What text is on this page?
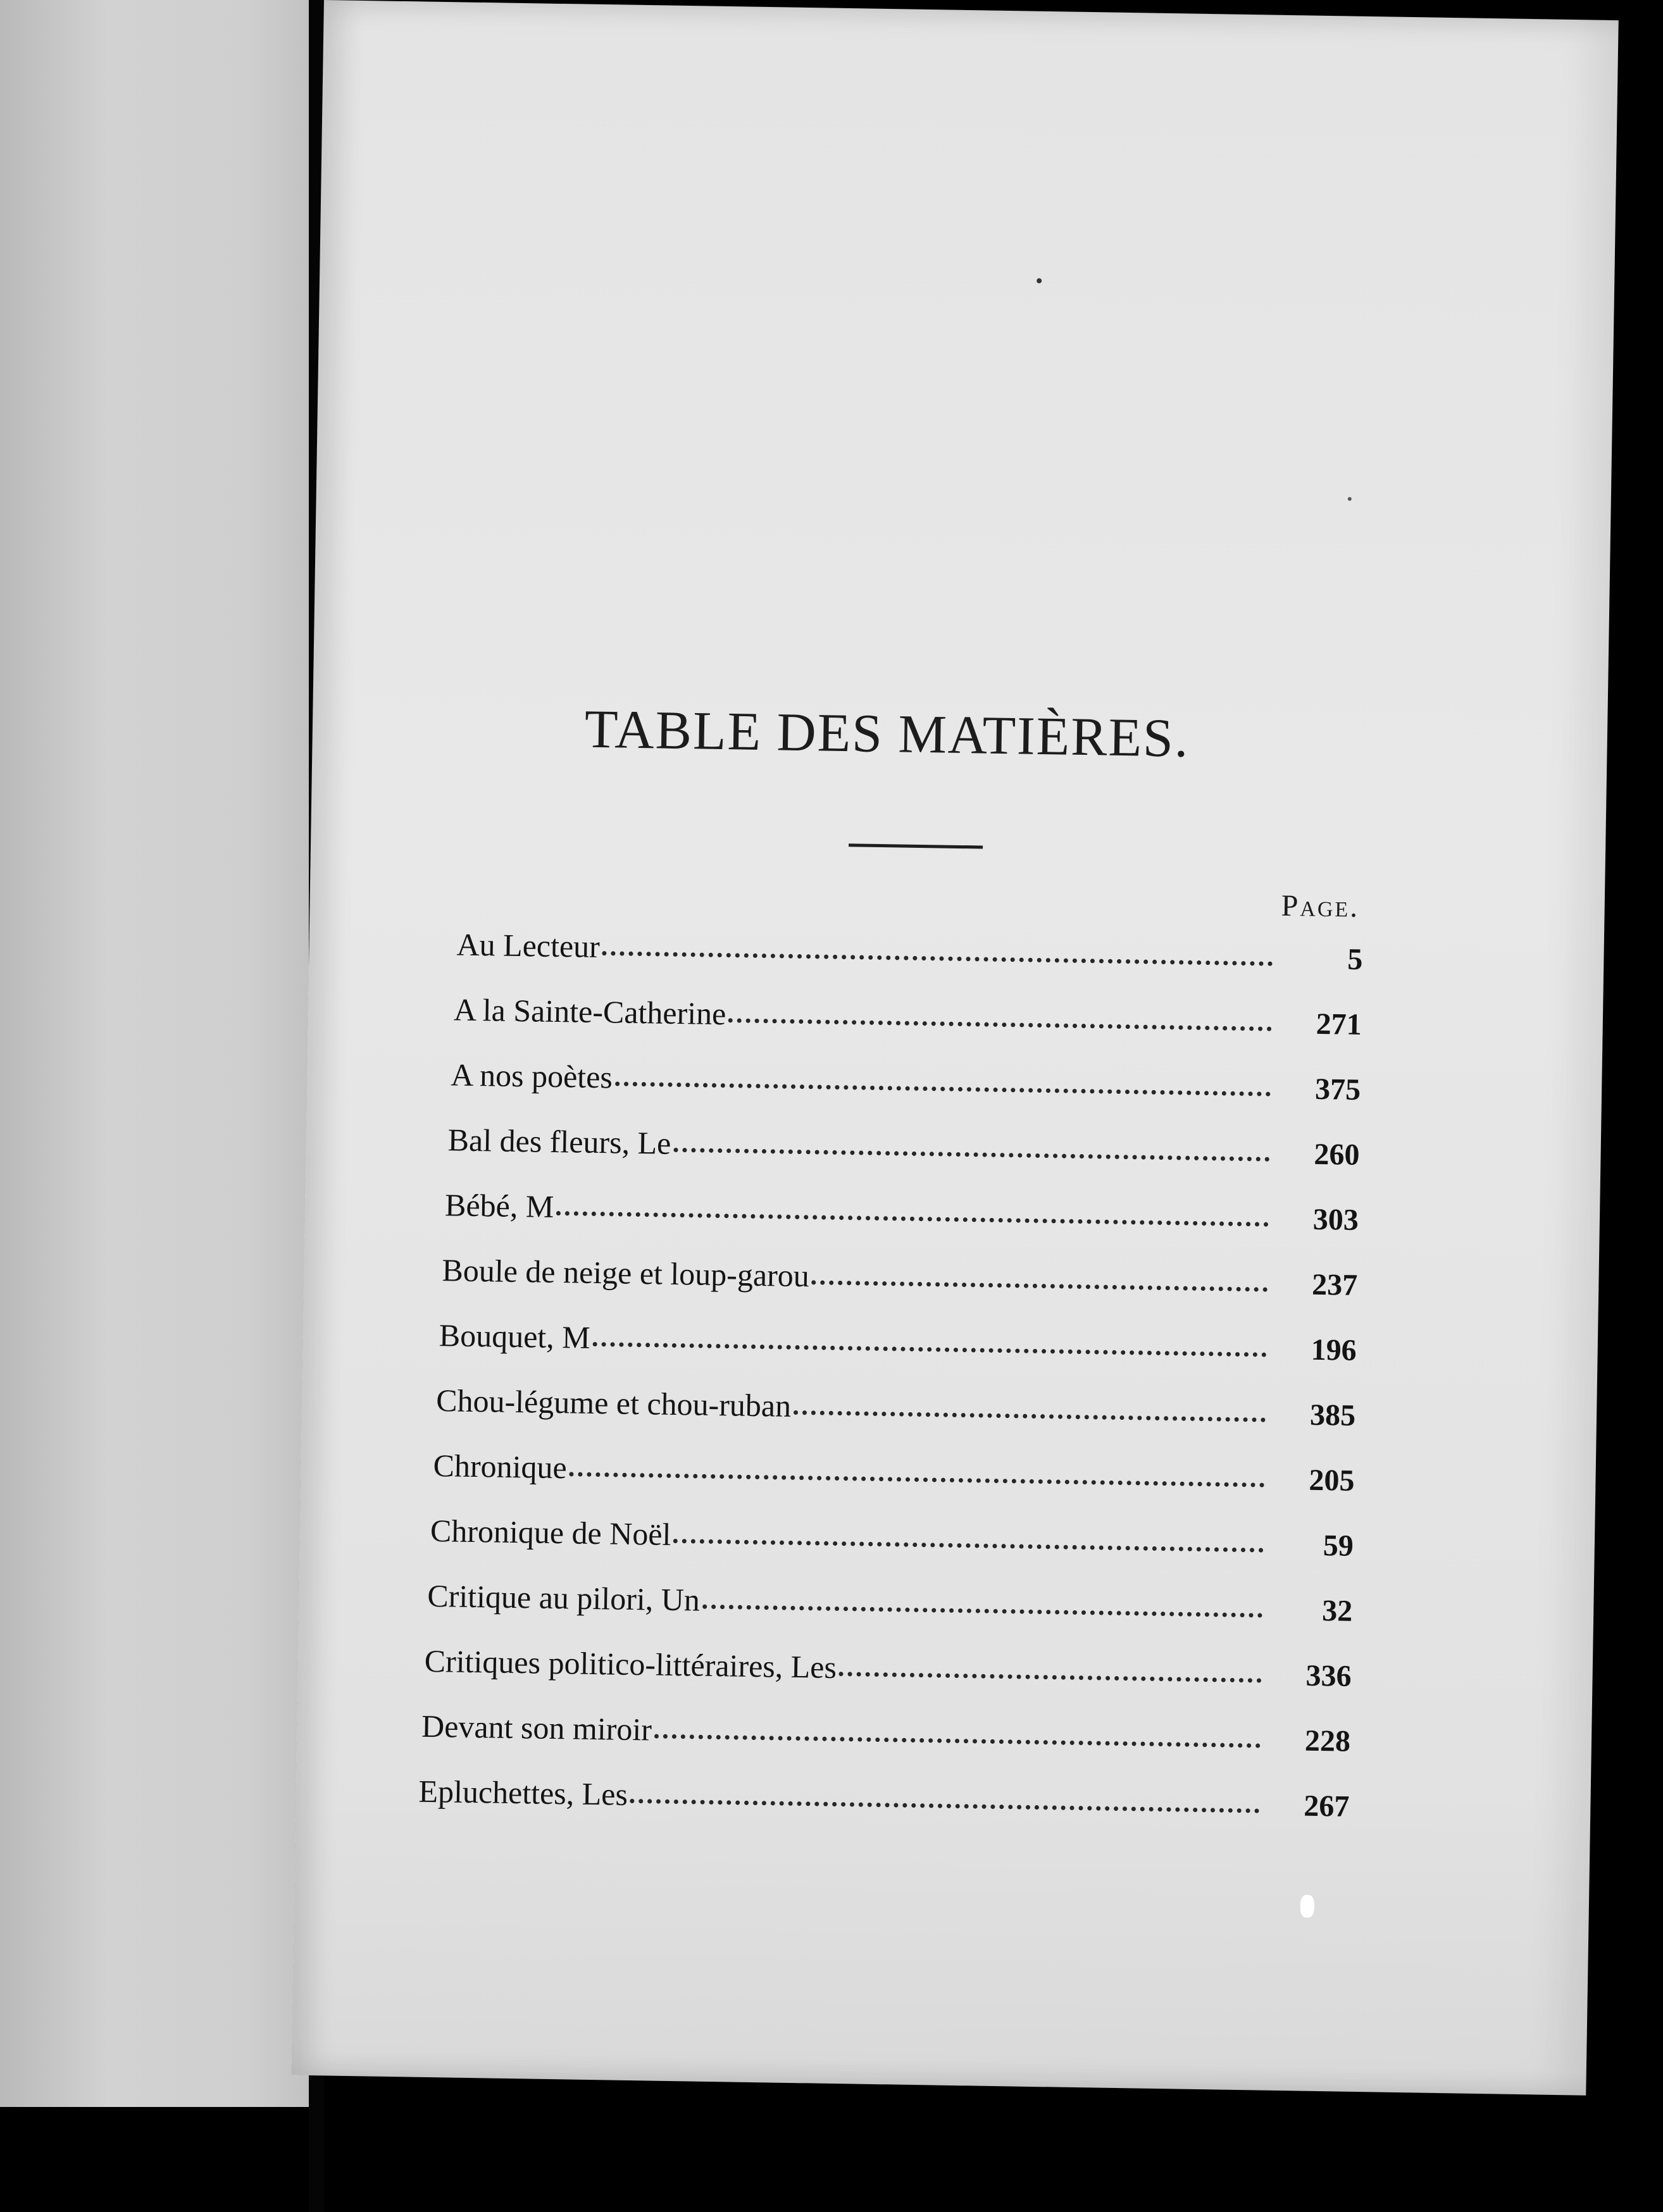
TABLE DES MATIÈRES.
Page.
Au Lecteur	5
A la Sainte-Catherine	271
A nos poètes	375
Bal des fleurs, Le	260
Bébé, M	303
Boule de neige et loup-garou	237
Bouquet, M	196
Chou-légume et chou-ruban	385
Chronique	205
Chronique de Noël	59
Critique au pilori, Un	32
Critiques politico-littéraires, Les	336
Devant son miroir	228
Epluchettes, Les	267
